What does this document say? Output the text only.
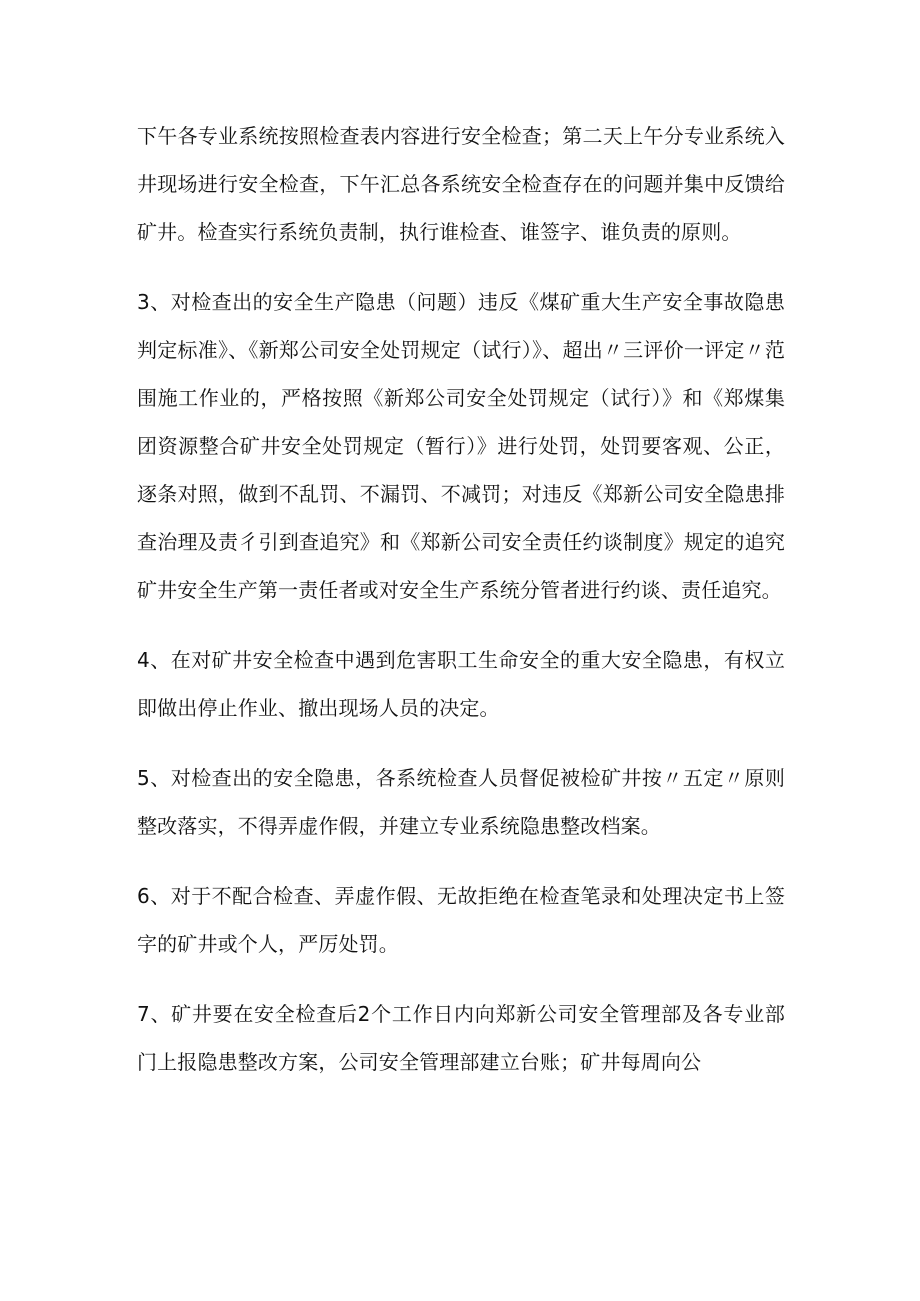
下午各专业系统按照检查表内容进行安全检查；第二天上午分专业系统入井现场进行安全检查，下午汇总各系统安全检查存在的问题并集中反馈给矿井。检查实行系统负责制，执行谁检查、谁签字、谁负责的原则。

3、对检查出的安全生产隐患（问题）违反《煤矿重大生产安全事故隐患判定标准》、《新郑公司安全处罚规定（试行）》、超出〃三评价一评定〃范围施工作业的，严格按照《新郑公司安全处罚规定（试行）》和《郑煤集团资源整合矿井安全处罚规定（暂行）》进行处罚，处罚要客观、公正，逐条对照，做到不乱罚、不漏罚、不减罚；对违反《郑新公司安全隐患排查治理及责彳引到查追究》和《郑新公司安全责任约谈制度》规定的追究矿井安全生产第一责任者或对安全生产系统分管者进行约谈、责任追究。

4、在对矿井安全检查中遇到危害职工生命安全的重大安全隐患，有权立即做出停止作业、撤出现场人员的决定。

5、对检查出的安全隐患，各系统检查人员督促被检矿井按〃五定〃原则整改落实，不得弄虚作假，并建立专业系统隐患整改档案。

6、对于不配合检查、弄虚作假、无故拒绝在检查笔录和处理决定书上签字的矿井或个人，严厉处罚。

7、矿井要在安全检查后2个工作日内向郑新公司安全管理部及各专业部门上报隐患整改方案，公司安全管理部建立台账；矿井每周向公
